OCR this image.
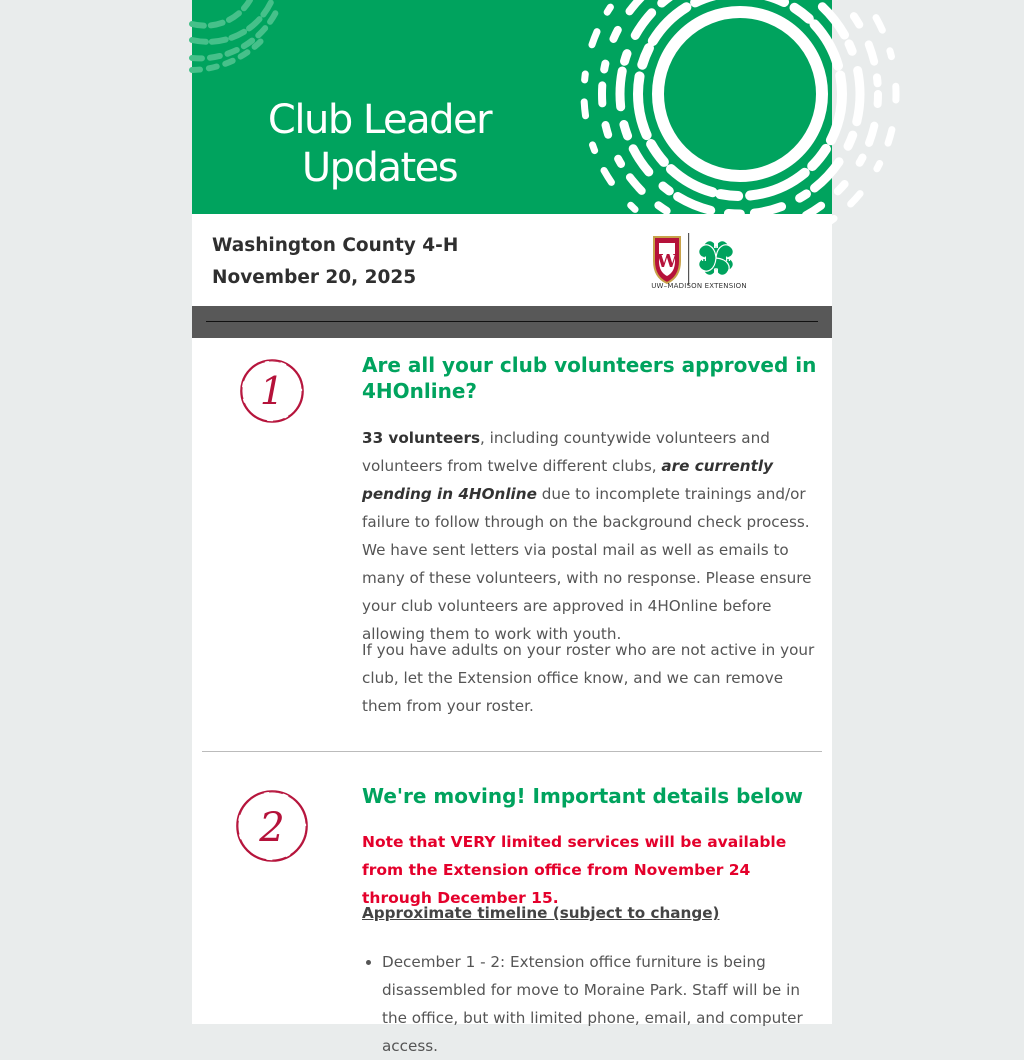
Club Leader
Updates
Washington County 4-H
November 20, 2025
W
H
H
H
H
UW–MADISON EXTENSION
1
Are all your club volunteers approved in 4HOnline?
33 volunteers, including countywide volunteers and volunteers from twelve different clubs, are currently pending in 4HOnline due to incomplete trainings and/or failure to follow through on the background check process. We have sent letters via postal mail as well as emails to many of these volunteers, with no response. Please ensure your club volunteers are approved in 4HOnline before allowing them to work with youth.
If you have adults on your roster who are not active in your club, let the Extension office know, and we can remove them from your roster.
2
We're moving! Important details below
Note that VERY limited services will be available from the Extension office from November 24 through December 15.
Approximate timeline (subject to change)
• December 1 - 2: Extension office furniture is being disassembled for move to Moraine Park. Staff will be in the office, but with limited phone, email, and computer access.
